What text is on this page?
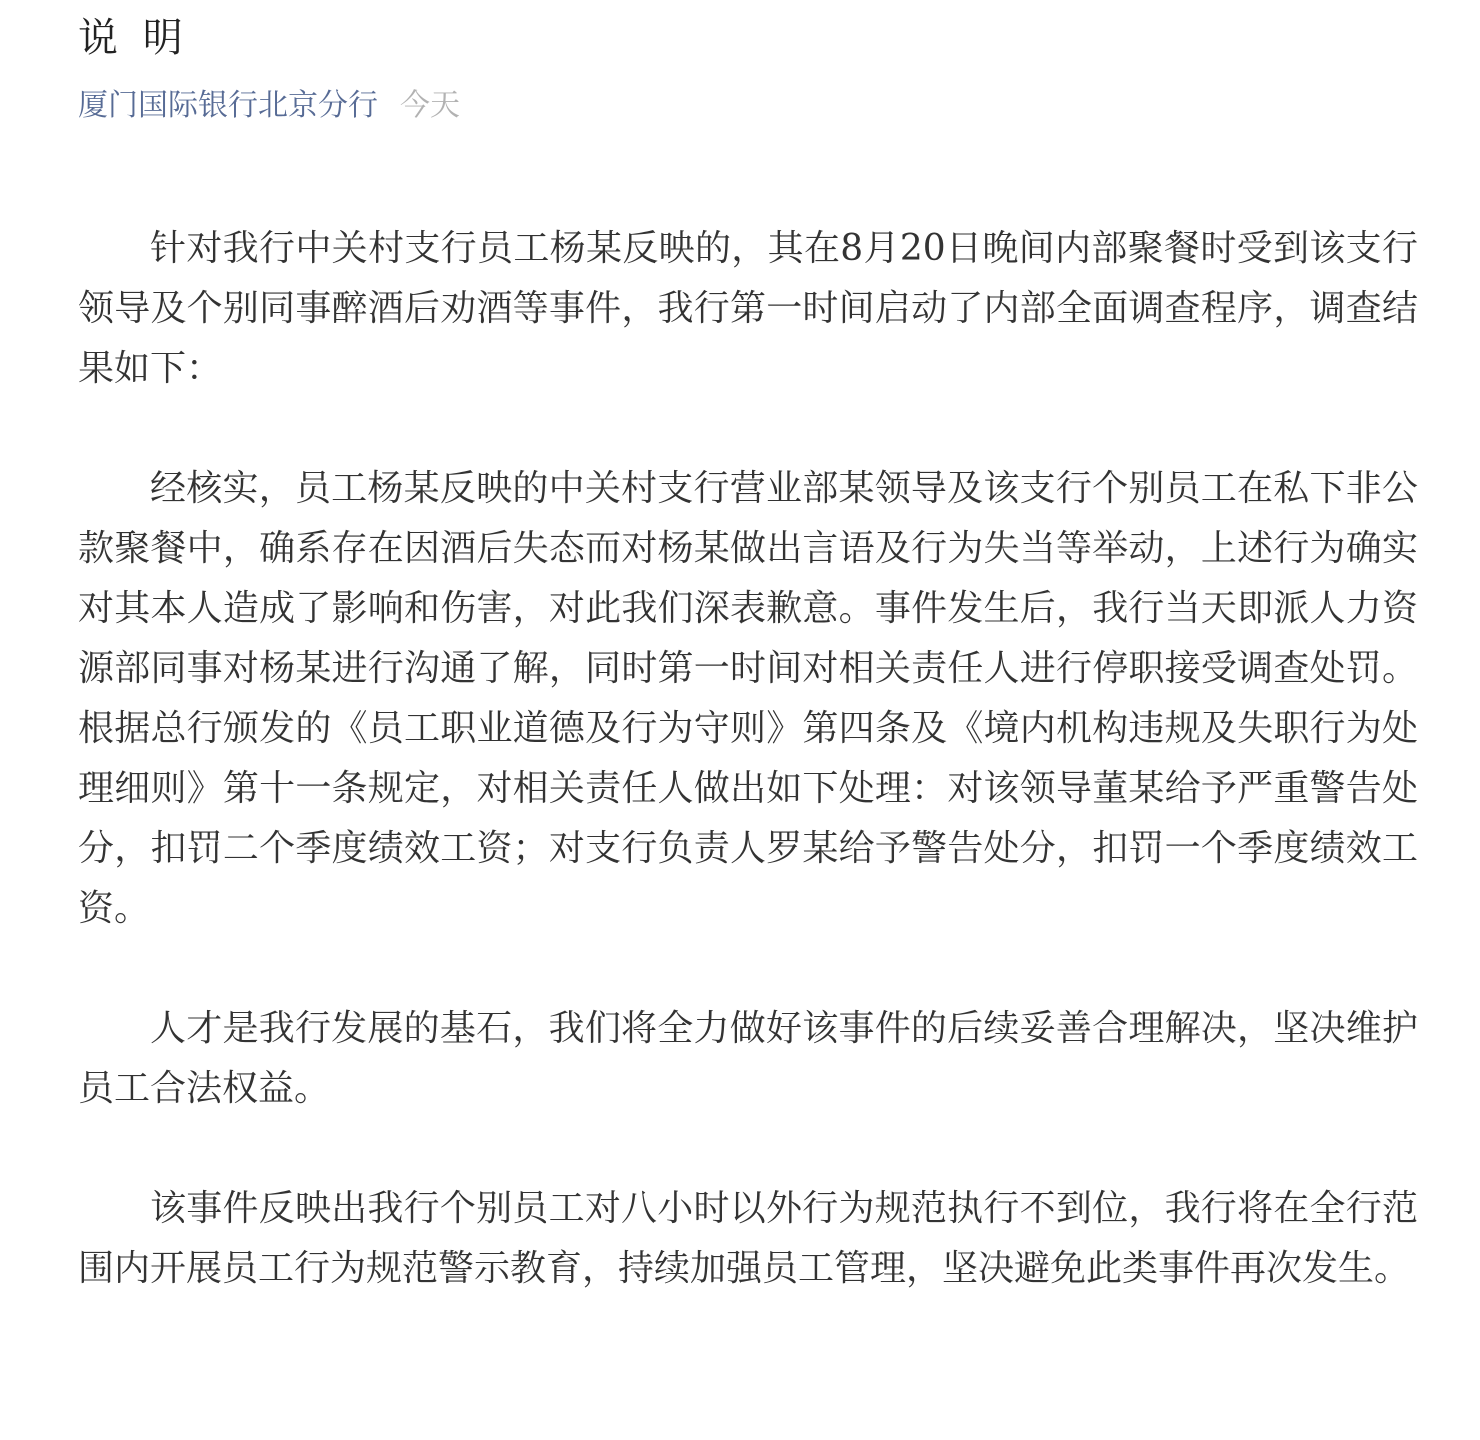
说 明
厦门国际银行北京分行 今天

针对我行中关村支行员工杨某反映的，其在8月20日晚间内部聚餐时受到该支行领导及个别同事醉酒后劝酒等事件，我行第一时间启动了内部全面调查程序，调查结果如下：

经核实，员工杨某反映的中关村支行营业部某领导及该支行个别员工在私下非公款聚餐中，确系存在因酒后失态而对杨某做出言语及行为失当等举动，上述行为确实对其本人造成了影响和伤害，对此我们深表歉意。事件发生后，我行当天即派人力资源部同事对杨某进行沟通了解，同时第一时间对相关责任人进行停职接受调查处罚。根据总行颁发的《员工职业道德及行为守则》第四条及《境内机构违规及失职行为处理细则》第十一条规定，对相关责任人做出如下处理：对该领导董某给予严重警告处分，扣罚二个季度绩效工资；对支行负责人罗某给予警告处分，扣罚一个季度绩效工资。

人才是我行发展的基石，我们将全力做好该事件的后续妥善合理解决，坚决维护员工合法权益。

该事件反映出我行个别员工对八小时以外行为规范执行不到位，我行将在全行范围内开展员工行为规范警示教育，持续加强员工管理，坚决避免此类事件再次发生。
